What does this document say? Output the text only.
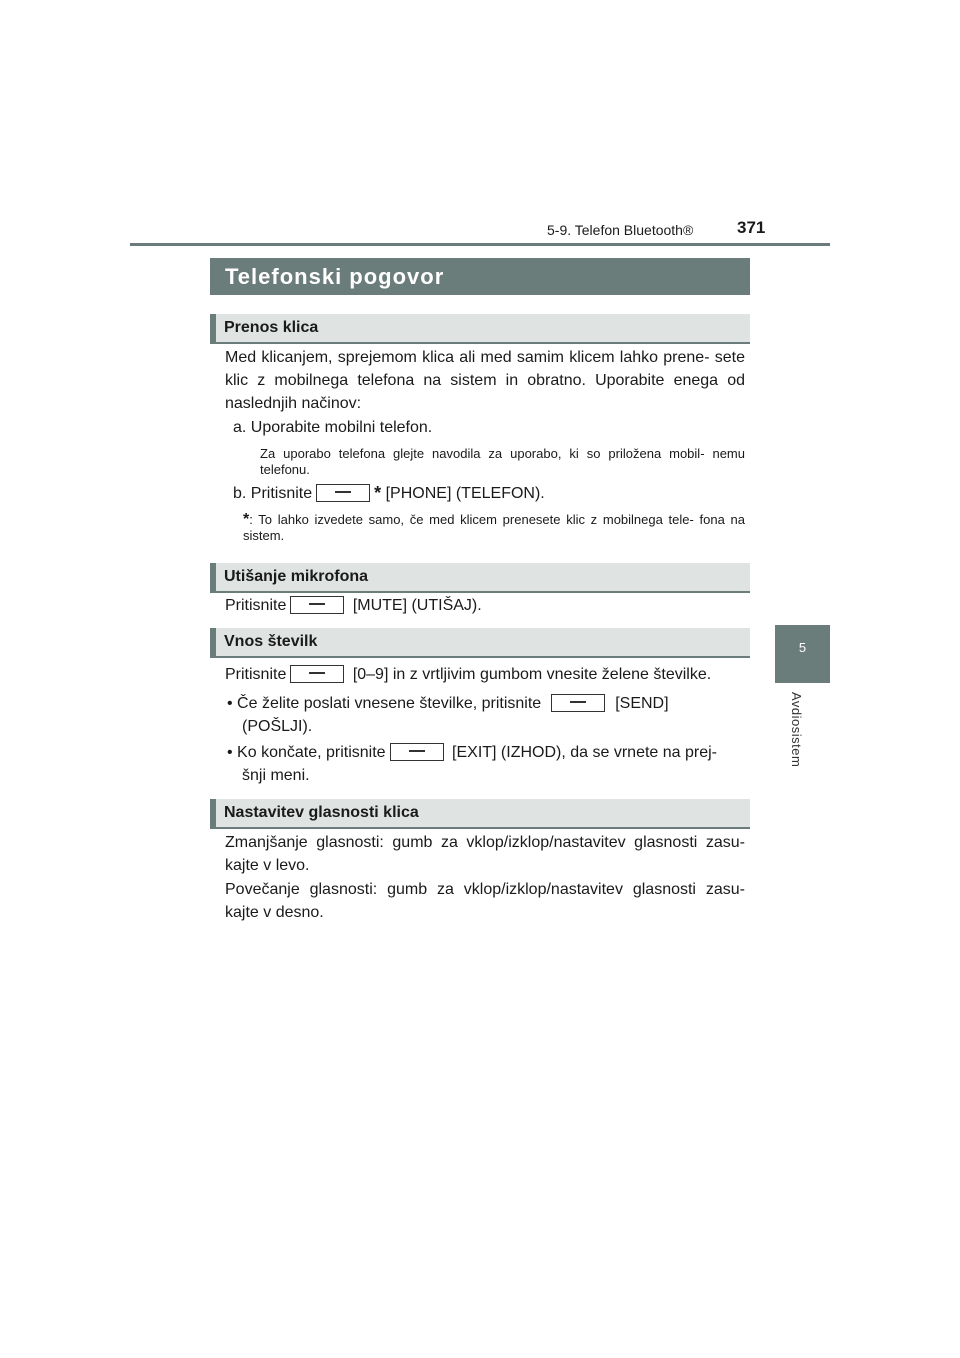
5-9. Telefon Bluetooth®	371
5
Avdiosistem
Telefonski pogovor
Prenos klica
Med klicanjem, sprejemom klica ali med samim klicem lahko prene- sete klic z mobilnega telefona na sistem in obratno. Uporabite enega od naslednjih načinov:
a. Uporabite mobilni telefon.
Za uporabo telefona glejte navodila za uporabo, ki so priložena mobil- nemu telefonu.
b. Pritisnite	* [PHONE] (TELEFON).
*: To lahko izvedete samo, če med klicem prenesete klic z mobilnega tele- fona na sistem.
Utišanje mikrofona
Pritisnite	[MUTE] (UTIŠAJ).
Vnos številk
Pritisnite	[0–9] in z vrtljivim gumbom vnesite želene številke.
• Če želite poslati vnesene številke, pritisnite	[SEND]
(POŠLJI).
• Ko končate, pritisnite	[EXIT] (IZHOD), da se vrnete na prej-
šnji meni.
Nastavitev glasnosti klica
Zmanjšanje glasnosti: gumb za vklop/izklop/nastavitev glasnosti zasu- kajte v levo.
Povečanje glasnosti: gumb za vklop/izklop/nastavitev glasnosti zasu- kajte v desno.
